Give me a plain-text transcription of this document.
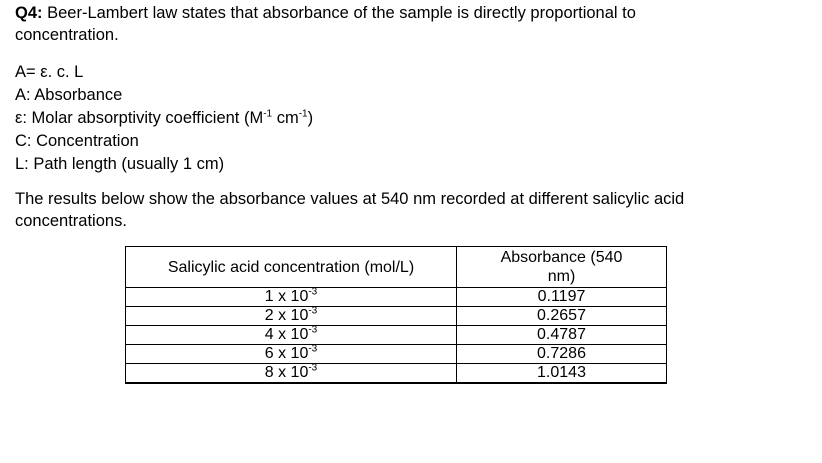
Q4: Beer-Lambert law states that absorbance of the sample is directly proportional to
concentration.
A= ε. c. L
A: Absorbance
ε: Molar absorptivity coefficient ($M^{-1}$ $cm^{-1}$)
C: Concentration
L: Path length (usually 1 cm)
The results below show the absorbance values at 540 nm recorded at different salicylic acid
concentrations.
Salicylic acid concentration (mol/L)	Absorbance (540
nm)
1 x $10^{-3}$	0.1197
2 x $10^{-3}$	0.2657
4 x $10^{-3}$	0.4787
6 x $10^{-3}$	0.7286
8 x $10^{-3}$	1.0143
